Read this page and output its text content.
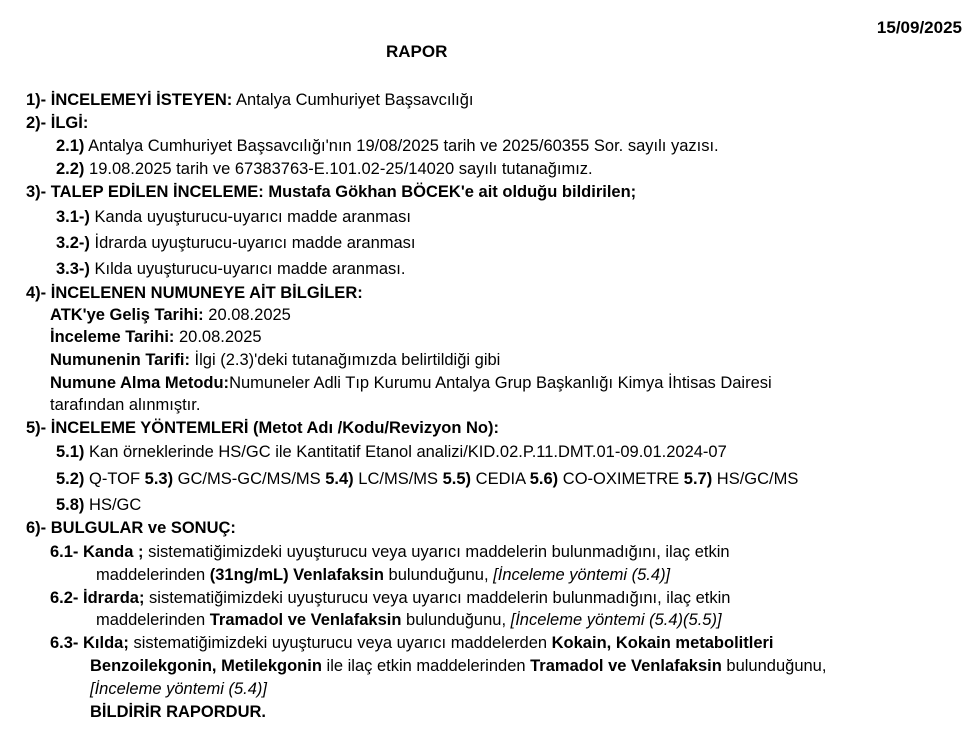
15/09/2025
RAPOR
1)- İNCELEMEYİ İSTEYEN: Antalya Cumhuriyet Başsavcılığı
2)- İLGİ:
2.1) Antalya Cumhuriyet Başsavcılığı'nın 19/08/2025 tarih ve 2025/60355 Sor. sayılı yazısı.
2.2) 19.08.2025 tarih ve 67383763-E.101.02-25/14020 sayılı tutanağımız.
3)- TALEP EDİLEN İNCELEME: Mustafa Gökhan BÖCEK'e ait olduğu bildirilen;
3.1-) Kanda uyuşturucu-uyarıcı madde aranması
3.2-) İdrarda uyuşturucu-uyarıcı madde aranması
3.3-) Kılda uyuşturucu-uyarıcı madde aranması.
4)- İNCELENEN NUMUNEYE AİT BİLGİLER:
ATK'ye Geliş Tarihi: 20.08.2025
İnceleme Tarihi: 20.08.2025
Numunenin Tarifi: İlgi (2.3)'deki tutanağımızda belirtildiği gibi
Numune Alma Metodu:Numuneler Adli Tıp Kurumu Antalya Grup Başkanlığı Kimya İhtisas Dairesi
tarafından alınmıştır.
5)- İNCELEME YÖNTEMLERİ (Metot Adı /Kodu/Revizyon No):
5.1) Kan örneklerinde HS/GC ile Kantitatif Etanol analizi/KID.02.P.11.DMT.01-09.01.2024-07
5.2) Q-TOF 5.3) GC/MS-GC/MS/MS 5.4) LC/MS/MS 5.5) CEDIA 5.6) CO-OXIMETRE 5.7) HS/GC/MS
5.8) HS/GC
6)- BULGULAR ve SONUÇ:
6.1- Kanda ; sistematiğimizdeki uyuşturucu veya uyarıcı maddelerin bulunmadığını, ilaç etkin
maddelerinden (31ng/mL) Venlafaksin bulunduğunu, [İnceleme yöntemi (5.4)]
6.2- İdrarda; sistematiğimizdeki uyuşturucu veya uyarıcı maddelerin bulunmadığını, ilaç etkin
maddelerinden Tramadol ve Venlafaksin bulunduğunu, [İnceleme yöntemi (5.4)(5.5)]
6.3- Kılda; sistematiğimizdeki uyuşturucu veya uyarıcı maddelerden Kokain, Kokain metabolitleri
Benzoilekgonin, Metilekgonin ile ilaç etkin maddelerinden Tramadol ve Venlafaksin bulunduğunu,
[İnceleme yöntemi (5.4)]
BİLDİRİR RAPORDUR.
